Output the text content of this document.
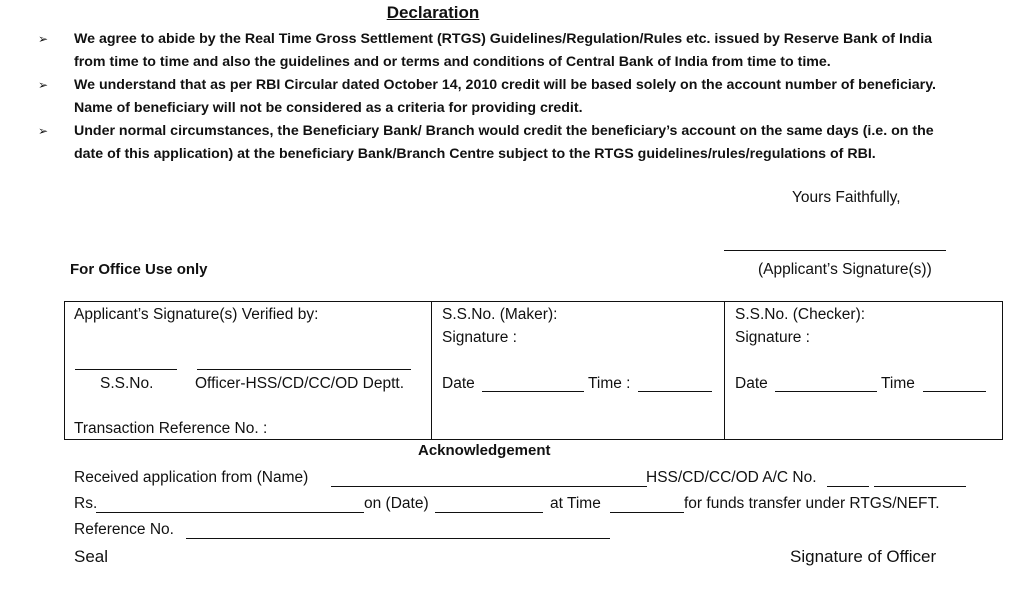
Declaration
➢ We agree to abide by the Real Time Gross Settlement (RTGS) Guidelines/Regulation/Rules etc. issued by Reserve Bank of India
from time to time and also the guidelines and or terms and conditions of Central Bank of India from time to time.
➢ We understand that as per RBI Circular dated October 14, 2010 credit will be based solely on the account number of beneficiary.
Name of beneficiary will not be considered as a criteria for providing credit.
➢ Under normal circumstances, the Beneficiary Bank/ Branch would credit the beneficiary’s account on the same days (i.e. on the
date of this application) at the beneficiary Bank/Branch Centre subject to the RTGS guidelines/rules/regulations of RBI.
Yours Faithfully,
(Applicant’s Signature(s))
For Office Use only
Applicant’s Signature(s) Verified by:
S.S.No.	Officer-HSS/CD/CC/OD Deptt.
Transaction Reference No. :

S.S.No. (Maker):
Signature :
Date	Time :

S.S.No. (Checker):
Signature :
Date	Time
Acknowledgement
Received application from (Name)	HSS/CD/CC/OD A/C No.
Rs.	on (Date)	at Time	for funds transfer under RTGS/NEFT.
Reference No.
Seal	Signature of Officer
